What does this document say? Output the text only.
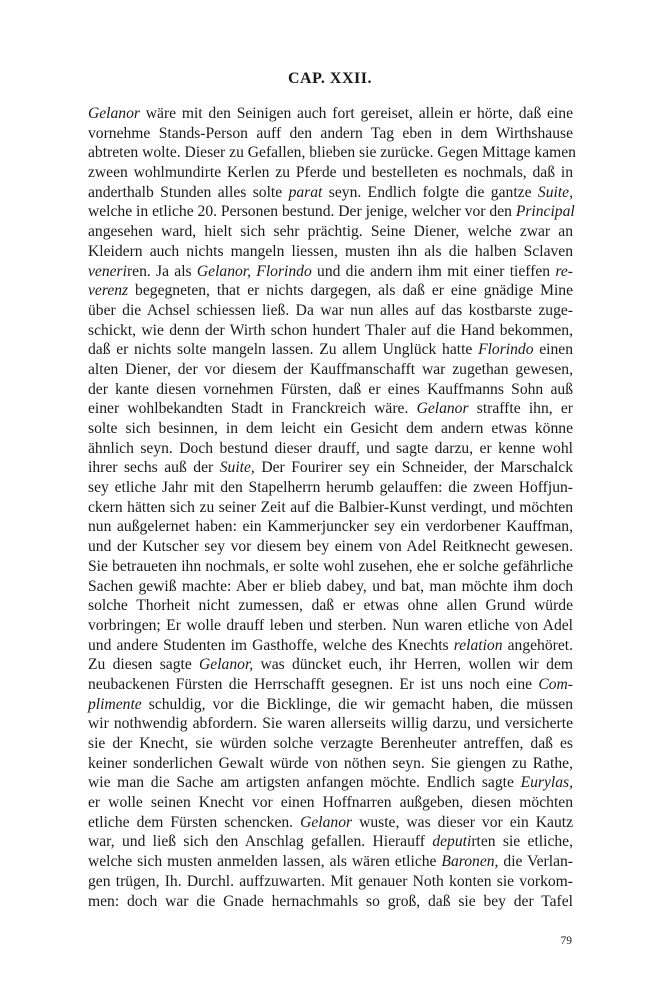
CAP. XXII.
Gelanor wäre mit den Seinigen auch fort gereiset, allein er hörte, daß eine
vornehme Stands-Person auff den andern Tag eben in dem Wirthshause
abtreten wolte. Dieser zu Gefallen, blieben sie zurücke. Gegen Mittage kamen
zween wohlmundirte Kerlen zu Pferde und bestelleten es nochmals, daß in
anderthalb Stunden alles solte parat seyn. Endlich folgte die gantze Suite,
welche in etliche 20. Personen bestund. Der jenige, welcher vor den Principal
angesehen ward, hielt sich sehr prächtig. Seine Diener, welche zwar an
Kleidern auch nichts mangeln liessen, musten ihn als die halben Sclaven
veneriren. Ja als Gelanor, Florindo und die andern ihm mit einer tieffen re-
verenz begegneten, that er nichts dargegen, als daß er eine gnädige Mine
über die Achsel schiessen ließ. Da war nun alles auf das kostbarste zuge-
schickt, wie denn der Wirth schon hundert Thaler auf die Hand bekommen,
daß er nichts solte mangeln lassen. Zu allem Unglück hatte Florindo einen
alten Diener, der vor diesem der Kauffmanschafft war zugethan gewesen,
der kante diesen vornehmen Fürsten, daß er eines Kauffmanns Sohn auß
einer wohlbekandten Stadt in Franckreich wäre. Gelanor straffte ihn, er
solte sich besinnen, in dem leicht ein Gesicht dem andern etwas könne
ähnlich seyn. Doch bestund dieser drauff, und sagte darzu, er kenne wohl
ihrer sechs auß der Suite, Der Fourirer sey ein Schneider, der Marschalck
sey etliche Jahr mit den Stapelherrn herumb gelauffen: die zween Hoffjun-
ckern hätten sich zu seiner Zeit auf die Balbier-Kunst verdingt, und möchten
nun außgelernet haben: ein Kammerjuncker sey ein verdorbener Kauffman,
und der Kutscher sey vor diesem bey einem von Adel Reitknecht gewesen.
Sie betraueten ihn nochmals, er solte wohl zusehen, ehe er solche gefährliche
Sachen gewiß machte: Aber er blieb dabey, und bat, man möchte ihm doch
solche Thorheit nicht zumessen, daß er etwas ohne allen Grund würde
vorbringen; Er wolle drauff leben und sterben. Nun waren etliche von Adel
und andere Studenten im Gasthoffe, welche des Knechts relation angehöret.
Zu diesen sagte Gelanor, was düncket euch, ihr Herren, wollen wir dem
neubackenen Fürsten die Herrschafft gesegnen. Er ist uns noch eine Com-
plimente schuldig, vor die Bicklinge, die wir gemacht haben, die müssen
wir nothwendig abfordern. Sie waren allerseits willig darzu, und versicherte
sie der Knecht, sie würden solche verzagte Berenheuter antreffen, daß es
keiner sonderlichen Gewalt würde von nöthen seyn. Sie giengen zu Rathe,
wie man die Sache am artigsten anfangen möchte. Endlich sagte Eurylas,
er wolle seinen Knecht vor einen Hoffnarren außgeben, diesen möchten
etliche dem Fürsten schencken. Gelanor wuste, was dieser vor ein Kautz
war, und ließ sich den Anschlag gefallen. Hierauff deputirten sie etliche,
welche sich musten anmelden lassen, als wären etliche Baronen, die Verlan-
gen trügen, Ih. Durchl. auffzuwarten. Mit genauer Noth konten sie vorkom-
men: doch war die Gnade hernachmahls so groß, daß sie bey der Tafel

79
